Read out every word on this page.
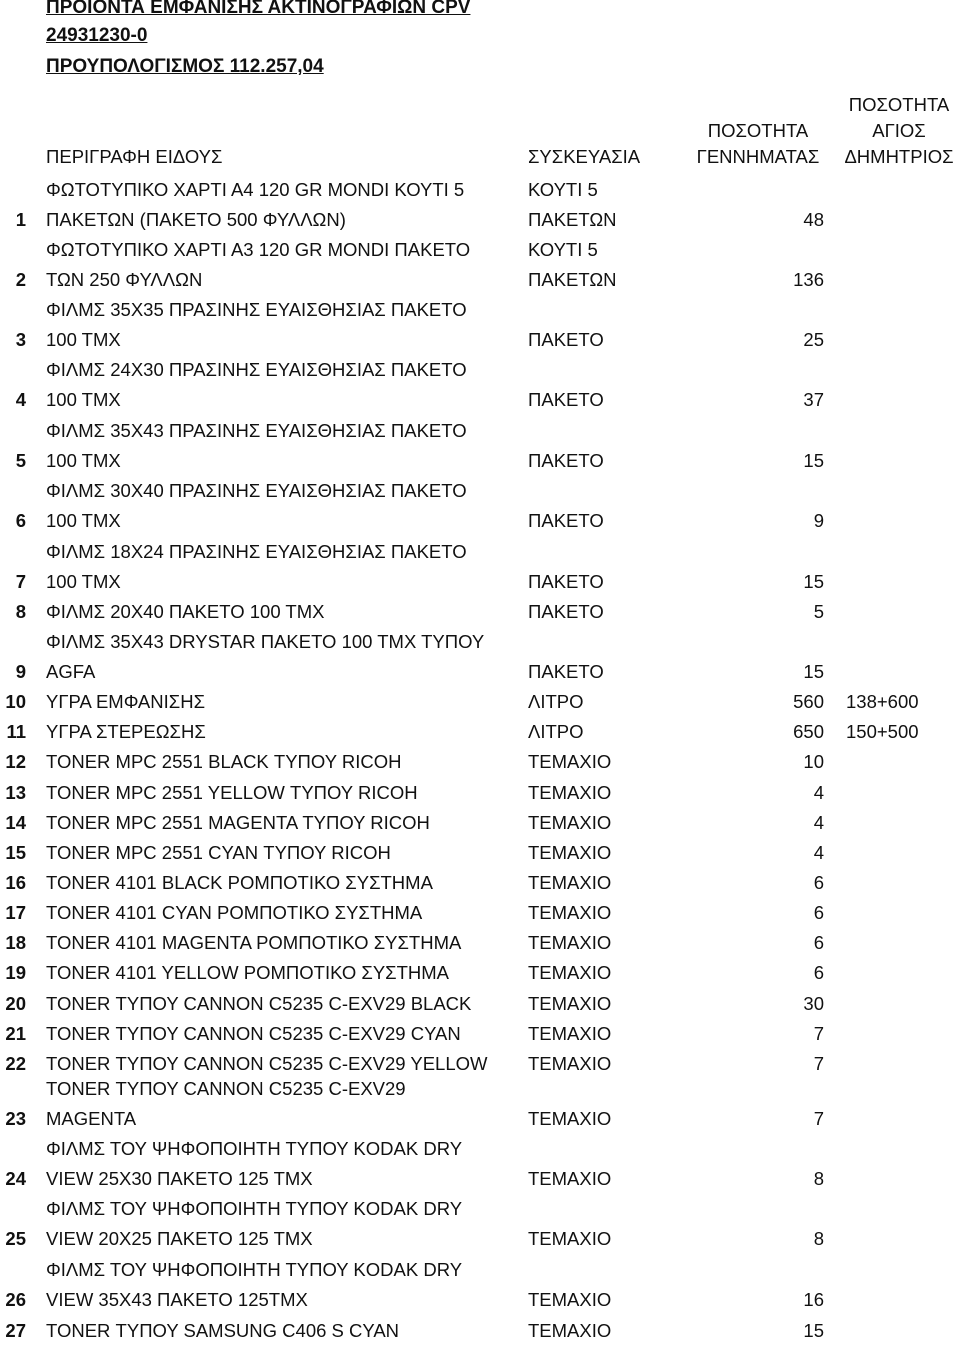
ΠΡΟΙΟΝΤΑ ΕΜΦΑΝΙΣΗΣ ΑΚΤΙΝΟΓΡΑΦΙΩΝ CPV
24931230-0
ΠΡΟΥΠΟΛΟΓΙΣΜΟΣ 112.257,04
ΠΕΡΙΓΡΑΦΗ ΕΙΔΟΥΣ	ΣΥΣΚΕΥΑΣΙΑ
ΠΟΣΟΤΗΤΑ
ΓΕΝΝΗΜΑΤΑΣ
ΠΟΣΟΤΗΤΑ
ΑΓΙΟΣ
ΔΗΜΗΤΡΙΟΣ
1
ΦΩΤΟΤΥΠΙΚΟ ΧΑΡΤΙ Α4 120 GR MONDI ΚΟΥΤΙ 5
ΠΑΚΕΤΩΝ (ΠΑΚΕΤΟ 500 ΦΥΛΛΩΝ)
ΚΟΥΤΙ 5
ΠΑΚΕΤΩΝ	48
2
ΦΩΤΟΤΥΠΙΚΟ ΧΑΡΤΙ Α3 120 GR MONDI ΠΑΚΕΤΟ
ΤΩΝ 250 ΦΥΛΛΩΝ
ΚΟΥΤΙ 5
ΠΑΚΕΤΩΝ	136
3
ΦΙΛΜΣ 35Χ35 ΠΡΑΣΙΝΗΣ ΕΥΑΙΣΘΗΣΙΑΣ ΠΑΚΕΤΟ
100 ΤΜΧ	ΠΑΚΕΤΟ	25
4
ΦΙΛΜΣ 24Χ30 ΠΡΑΣΙΝΗΣ ΕΥΑΙΣΘΗΣΙΑΣ ΠΑΚΕΤΟ
100 ΤΜΧ	ΠΑΚΕΤΟ	37
5
ΦΙΛΜΣ 35Χ43 ΠΡΑΣΙΝΗΣ ΕΥΑΙΣΘΗΣΙΑΣ ΠΑΚΕΤΟ
100 ΤΜΧ	ΠΑΚΕΤΟ	15
6
ΦΙΛΜΣ 30Χ40 ΠΡΑΣΙΝΗΣ ΕΥΑΙΣΘΗΣΙΑΣ ΠΑΚΕΤΟ
100 ΤΜΧ	ΠΑΚΕΤΟ	9
7
ΦΙΛΜΣ 18Χ24 ΠΡΑΣΙΝΗΣ ΕΥΑΙΣΘΗΣΙΑΣ ΠΑΚΕΤΟ
100 ΤΜΧ	ΠΑΚΕΤΟ	15
8 ΦΙΛΜΣ 20Χ40 ΠΑΚΕΤΟ 100 ΤΜΧ	ΠΑΚΕΤΟ	5
9
ΦΙΛΜΣ 35Χ43 DRYSTAR ΠΑΚΕΤΟ 100 ΤΜΧ ΤΥΠΟΥ
AGFA	ΠΑΚΕΤΟ	15
10 ΥΓΡΑ ΕΜΦΑΝΙΣΗΣ	ΛΙΤΡΟ	560 138+600
11 ΥΓΡΑ ΣΤΕΡΕΩΣΗΣ	ΛΙΤΡΟ	650 150+500
12 TONER MPC 2551 BLACK ΤΥΠΟΥ RICOH	ΤΕΜΑΧΙΟ	10
13 TONER MPC 2551 YELLOW ΤΥΠΟΥ RICOH	ΤΕΜΑΧΙΟ	4
14 TONER MPC 2551 MAGENTA ΤΥΠΟΥ RICOH	ΤΕΜΑΧΙΟ	4
15 TONER MPC 2551 CYAN ΤΥΠΟΥ RICOH	ΤΕΜΑΧΙΟ	4
16 TONER 4101 BLACK ΡΟΜΠΟΤΙΚΟ ΣΥΣΤΗΜΑ	ΤΕΜΑΧΙΟ	6
17 TONER 4101 CYAN ΡΟΜΠΟΤΙΚΟ ΣΥΣΤΗΜΑ	ΤΕΜΑΧΙΟ	6
18 TONER 4101 MAGENTA ΡΟΜΠΟΤΙΚΟ ΣΥΣΤΗΜΑ	ΤΕΜΑΧΙΟ	6
19 TONER 4101 YELLOW ΡΟΜΠΟΤΙΚΟ ΣΥΣΤΗΜΑ	ΤΕΜΑΧΙΟ	6
20 TONER ΤΥΠΟΥ CANNON C5235 C-EXV29 BLACK	ΤΕΜΑΧΙΟ	30
21 TONER ΤΥΠΟΥ CANNON C5235 C-EXV29 CYAN	ΤΕΜΑΧΙΟ	7
22 TONER ΤΥΠΟΥ CANNON C5235 C-EXV29 YELLOW ΤΕΜΑΧΙΟ	7
23
TONER ΤΥΠΟΥ CANNON C5235 C-EXV29
MAGENTA	ΤΕΜΑΧΙΟ	7
24
ΦΙΛΜΣ ΤΟΥ ΨΗΦΟΠΟΙΗΤΗ ΤΥΠΟΥ KODAK DRY
VIEW 25X30 ΠΑΚΕΤΟ 125 ΤΜΧ	ΤΕΜΑΧΙΟ	8
25
ΦΙΛΜΣ ΤΟΥ ΨΗΦΟΠΟΙΗΤΗ ΤΥΠΟΥ KODAK DRY
VIEW 20Χ25 ΠΑΚΕΤΟ 125 ΤΜΧ	ΤΕΜΑΧΙΟ	8
26
ΦΙΛΜΣ ΤΟΥ ΨΗΦΟΠΟΙΗΤΗ ΤΥΠΟΥ KODAK DRY
VIEW 35X43 ΠΑΚΕΤΟ 125ΤΜΧ	ΤΕΜΑΧΙΟ	16
27 TONER ΤΥΠΟΥ SAMSUNG C406 S CYAN	ΤΕΜΑΧΙΟ	15
